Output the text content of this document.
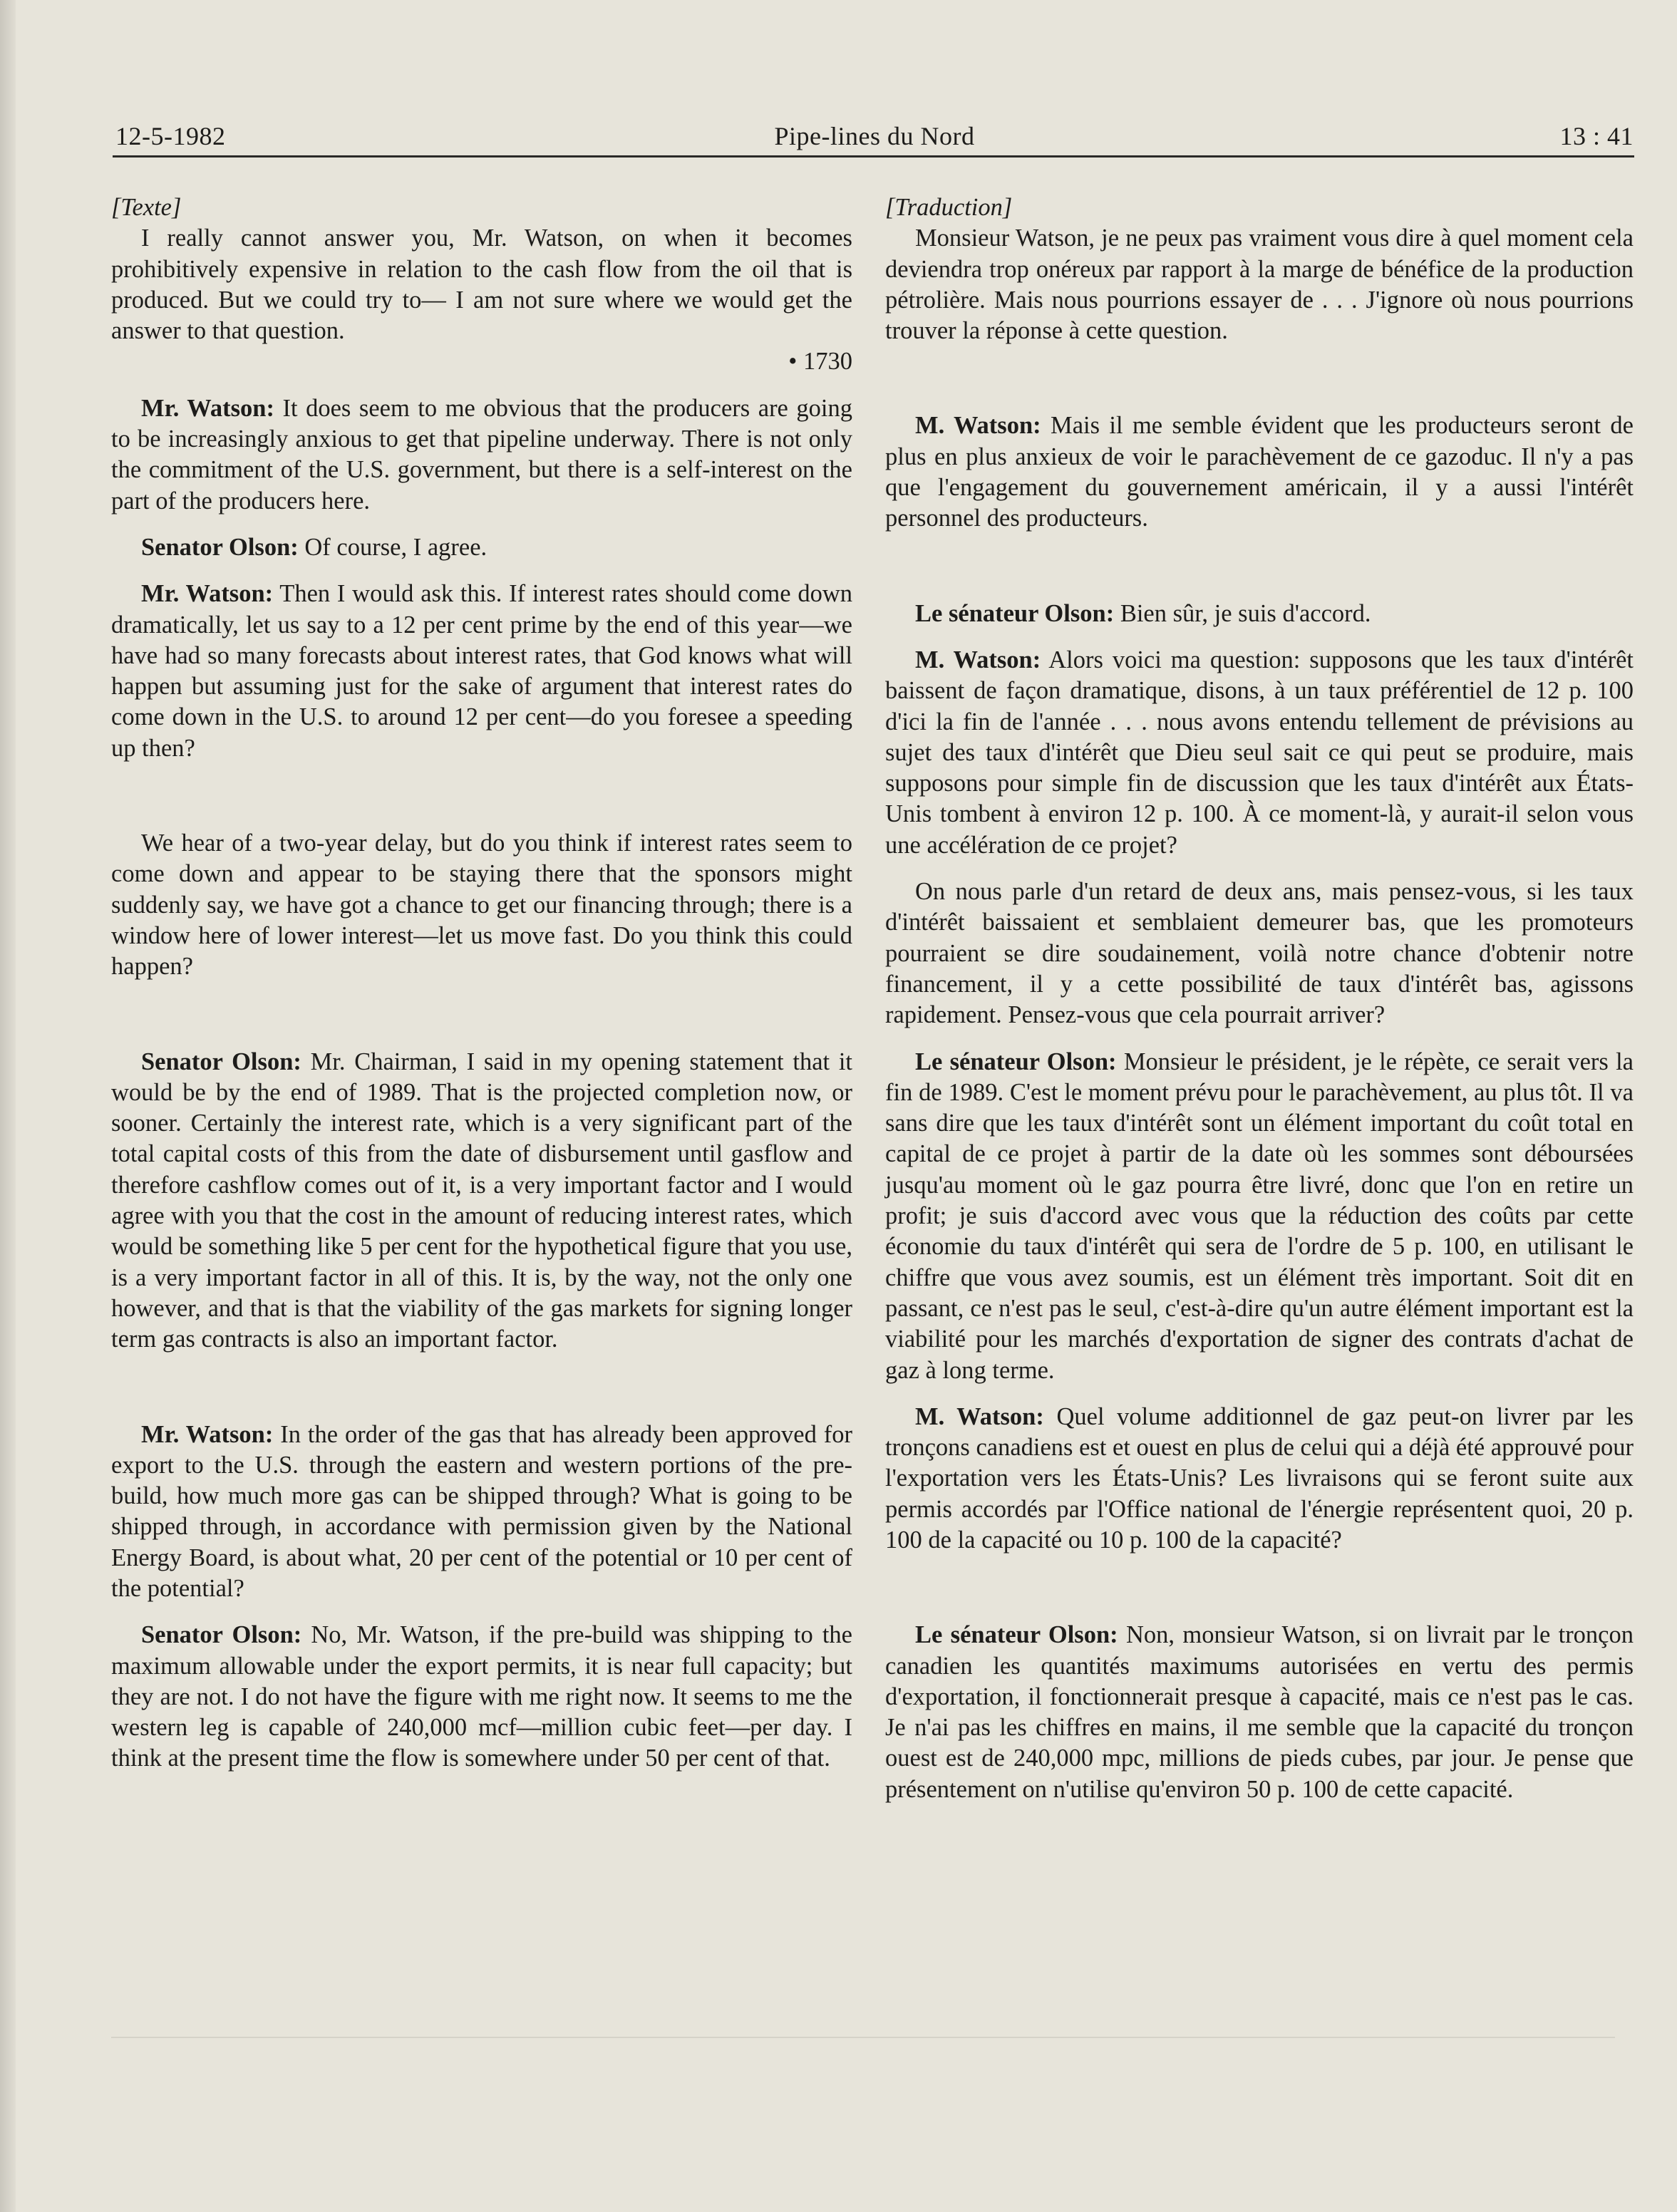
Pipe-lines du Nord
12-5-1982	13 : 41

[Texte]

I really cannot answer you, Mr. Watson, on when it becomes prohibitively expensive in relation to the cash flow from the oil that is produced. But we could try to— I am not sure where we would get the answer to that question.

• 1730

Mr. Watson: It does seem to me obvious that the producers are going to be increasingly anxious to get that pipeline underway. There is not only the commitment of the U.S. government, but there is a self-interest on the part of the producers here.

Senator Olson: Of course, I agree.

Mr. Watson: Then I would ask this. If interest rates should come down dramatically, let us say to a 12 per cent prime by the end of this year—we have had so many forecasts about interest rates, that God knows what will happen but assuming just for the sake of argument that interest rates do come down in the U.S. to around 12 per cent—do you foresee a speeding up then?

We hear of a two-year delay, but do you think if interest rates seem to come down and appear to be staying there that the sponsors might suddenly say, we have got a chance to get our financing through; there is a window here of lower interest—let us move fast. Do you think this could happen?

Senator Olson: Mr. Chairman, I said in my opening statement that it would be by the end of 1989. That is the projected completion now, or sooner. Certainly the interest rate, which is a very significant part of the total capital costs of this from the date of disbursement until gasflow and therefore cashflow comes out of it, is a very important factor and I would agree with you that the cost in the amount of reducing interest rates, which would be something like 5 per cent for the hypothetical figure that you use, is a very important factor in all of this. It is, by the way, not the only one however, and that is that the viability of the gas markets for signing longer term gas contracts is also an important factor.

Mr. Watson: In the order of the gas that has already been approved for export to the U.S. through the eastern and western portions of the pre-build, how much more gas can be shipped through? What is going to be shipped through, in accordance with permission given by the National Energy Board, is about what, 20 per cent of the potential or 10 per cent of the potential?

Senator Olson: No, Mr. Watson, if the pre-build was shipping to the maximum allowable under the export permits, it is near full capacity; but they are not. I do not have the figure with me right now. It seems to me the western leg is capable of 240,000 mcf—million cubic feet—per day. I think at the present time the flow is somewhere under 50 per cent of that.

[Traduction]

Monsieur Watson, je ne peux pas vraiment vous dire à quel moment cela deviendra trop onéreux par rapport à la marge de bénéfice de la production pétrolière. Mais nous pourrions essayer de . . . J'ignore où nous pourrions trouver la réponse à cette question.

M. Watson: Mais il me semble évident que les producteurs seront de plus en plus anxieux de voir le parachèvement de ce gazoduc. Il n'y a pas que l'engagement du gouvernement américain, il y a aussi l'intérêt personnel des producteurs.

Le sénateur Olson: Bien sûr, je suis d'accord.

M. Watson: Alors voici ma question: supposons que les taux d'intérêt baissent de façon dramatique, disons, à un taux préférentiel de 12 p. 100 d'ici la fin de l'année . . . nous avons entendu tellement de prévisions au sujet des taux d'intérêt que Dieu seul sait ce qui peut se produire, mais supposons pour simple fin de discussion que les taux d'intérêt aux États-Unis tombent à environ 12 p. 100. À ce moment-là, y aurait-il selon vous une accélération de ce projet?

On nous parle d'un retard de deux ans, mais pensez-vous, si les taux d'intérêt baissaient et semblaient demeurer bas, que les promoteurs pourraient se dire soudainement, voilà notre chance d'obtenir notre financement, il y a cette possibilité de taux d'intérêt bas, agissons rapidement. Pensez-vous que cela pourrait arriver?

Le sénateur Olson: Monsieur le président, je le répète, ce serait vers la fin de 1989. C'est le moment prévu pour le parachèvement, au plus tôt. Il va sans dire que les taux d'intérêt sont un élément important du coût total en capital de ce projet à partir de la date où les sommes sont déboursées jusqu'au moment où le gaz pourra être livré, donc que l'on en retire un profit; je suis d'accord avec vous que la réduction des coûts par cette économie du taux d'intérêt qui sera de l'ordre de 5 p. 100, en utilisant le chiffre que vous avez soumis, est un élément très important. Soit dit en passant, ce n'est pas le seul, c'est-à-dire qu'un autre élément important est la viabilité pour les marchés d'exportation de signer des contrats d'achat de gaz à long terme.

M. Watson: Quel volume additionnel de gaz peut-on livrer par les tronçons canadiens est et ouest en plus de celui qui a déjà été approuvé pour l'exportation vers les États-Unis? Les livraisons qui se feront suite aux permis accordés par l'Office national de l'énergie représentent quoi, 20 p. 100 de la capacité ou 10 p. 100 de la capacité?

Le sénateur Olson: Non, monsieur Watson, si on livrait par le tronçon canadien les quantités maximums autorisées en vertu des permis d'exportation, il fonctionnerait presque à capacité, mais ce n'est pas le cas. Je n'ai pas les chiffres en mains, il me semble que la capacité du tronçon ouest est de 240,000 mpc, millions de pieds cubes, par jour. Je pense que présentement on n'utilise qu'environ 50 p. 100 de cette capacité.
